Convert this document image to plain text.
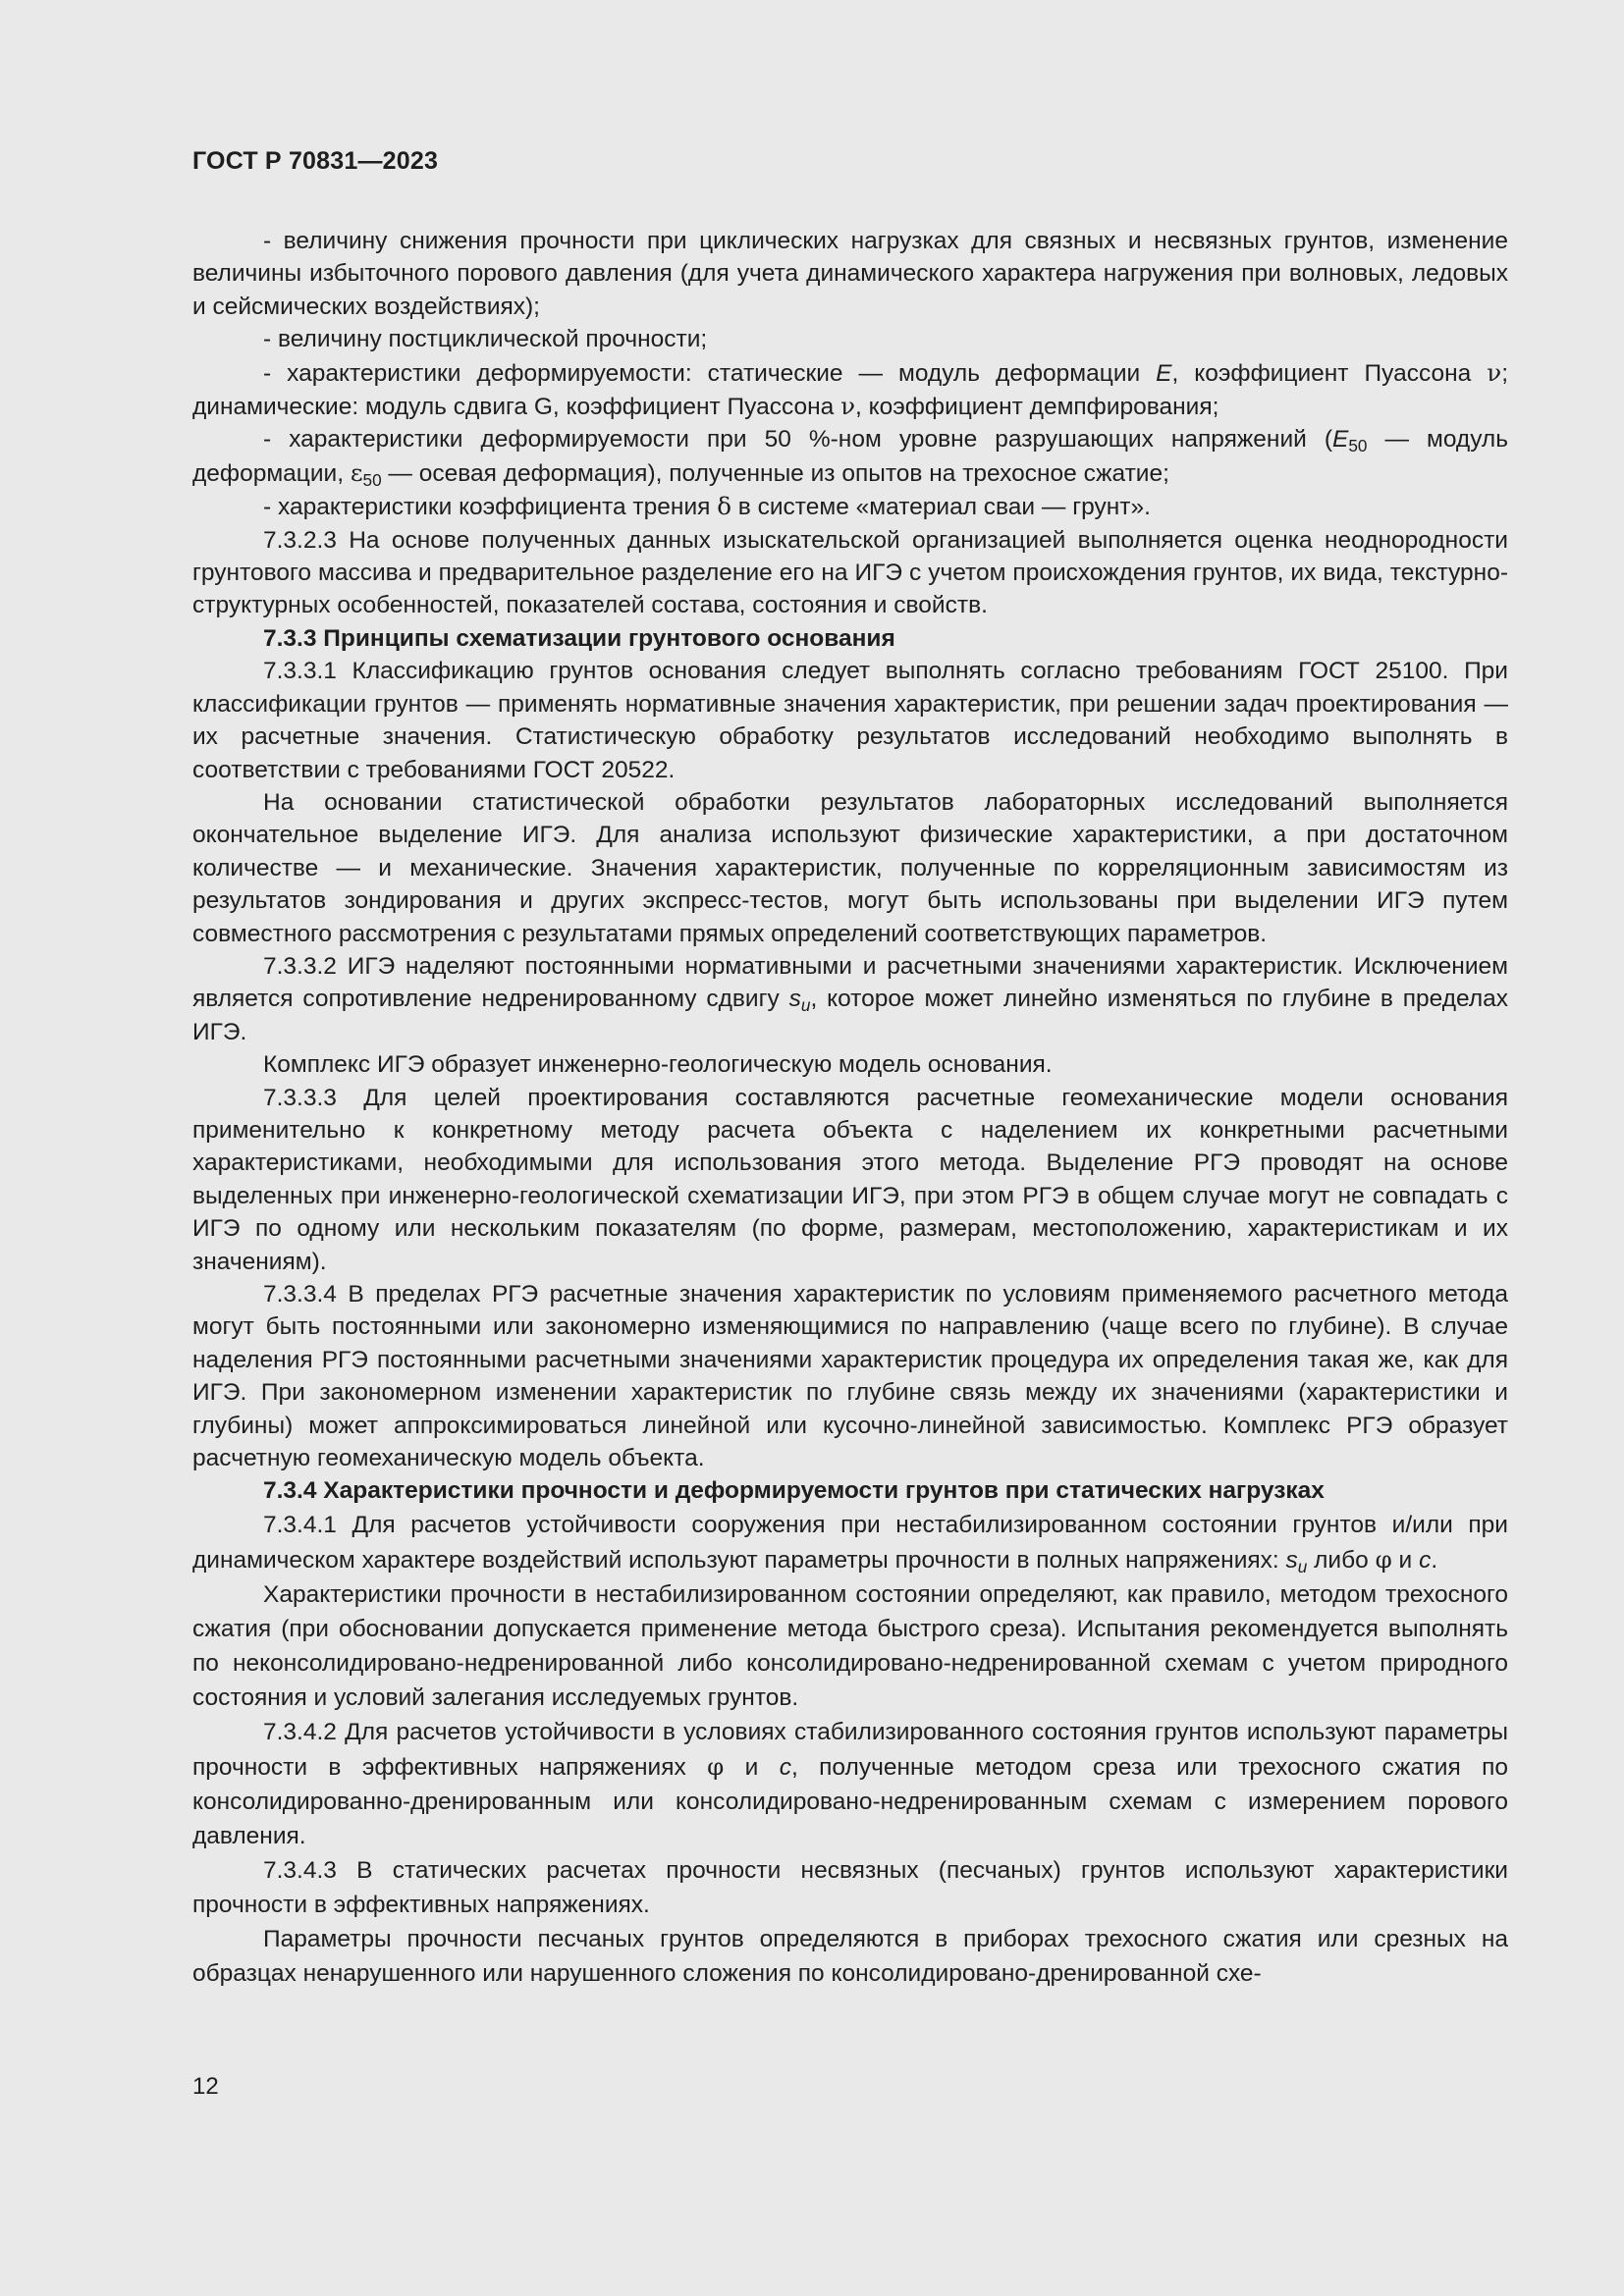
ГОСТ Р 70831—2023

- величину снижения прочности при циклических нагрузках для связных и несвязных грунтов, изменение величины избыточного порового давления (для учета динамического характера нагружения при волновых, ледовых и сейсмических воздействиях);

- величину постциклической прочности;

- характеристики деформируемости: статические — модуль деформации E, коэффициент Пуассона ν; динамические: модуль сдвига G, коэффициент Пуассона ν, коэффициент демпфирования;

- характеристики деформируемости при 50 %-ном уровне разрушающих напряжений ($E_{50}$ — модуль деформации, $\varepsilon_{50}$ — осевая деформация), полученные из опытов на трехосное сжатие;

- характеристики коэффициента трения δ в системе «материал сваи — грунт».

7.3.2.3 На основе полученных данных изыскательской организацией выполняется оценка неоднородности грунтового массива и предварительное разделение его на ИГЭ с учетом происхождения грунтов, их вида, текстурно-структурных особенностей, показателей состава, состояния и свойств.

7.3.3 Принципы схематизации грунтового основания

7.3.3.1 Классификацию грунтов основания следует выполнять согласно требованиям ГОСТ 25100. При классификации грунтов — применять нормативные значения характеристик, при решении задач проектирования — их расчетные значения. Статистическую обработку результатов исследований необходимо выполнять в соответствии с требованиями ГОСТ 20522.

На основании статистической обработки результатов лабораторных исследований выполняется окончательное выделение ИГЭ. Для анализа используют физические характеристики, а при достаточном количестве — и механические. Значения характеристик, полученные по корреляционным зависимостям из результатов зондирования и других экспресс-тестов, могут быть использованы при выделении ИГЭ путем совместного рассмотрения с результатами прямых определений соответствующих параметров.

7.3.3.2 ИГЭ наделяют постоянными нормативными и расчетными значениями характеристик. Исключением является сопротивление недренированному сдвигу $s_u$, которое может линейно изменяться по глубине в пределах ИГЭ.

Комплекс ИГЭ образует инженерно-геологическую модель основания.

7.3.3.3 Для целей проектирования составляются расчетные геомеханические модели основания применительно к конкретному методу расчета объекта с наделением их конкретными расчетными характеристиками, необходимыми для использования этого метода. Выделение РГЭ проводят на основе выделенных при инженерно-геологической схематизации ИГЭ, при этом РГЭ в общем случае могут не совпадать с ИГЭ по одному или нескольким показателям (по форме, размерам, местоположению, характеристикам и их значениям).

7.3.3.4 В пределах РГЭ расчетные значения характеристик по условиям применяемого расчетного метода могут быть постоянными или закономерно изменяющимися по направлению (чаще всего по глубине). В случае наделения РГЭ постоянными расчетными значениями характеристик процедура их определения такая же, как для ИГЭ. При закономерном изменении характеристик по глубине связь между их значениями (характеристики и глубины) может аппроксимироваться линейной или кусочно-линейной зависимостью. Комплекс РГЭ образует расчетную геомеханическую модель объекта.

7.3.4 Характеристики прочности и деформируемости грунтов при статических нагрузках

7.3.4.1 Для расчетов устойчивости сооружения при нестабилизированном состоянии грунтов и/или при динамическом характере воздействий используют параметры прочности в полных напряжениях: $s_u$ либо φ и c.

Характеристики прочности в нестабилизированном состоянии определяют, как правило, методом трехосного сжатия (при обосновании допускается применение метода быстрого среза). Испытания рекомендуется выполнять по неконсолидировано-недренированной либо консолидировано-недренированной схемам с учетом природного состояния и условий залегания исследуемых грунтов.

7.3.4.2 Для расчетов устойчивости в условиях стабилизированного состояния грунтов используют параметры прочности в эффективных напряжениях φ и c, полученные методом среза или трехосного сжатия по консолидированно-дренированным или консолидировано-недренированным схемам с измерением порового давления.

7.3.4.3 В статических расчетах прочности несвязных (песчаных) грунтов используют характеристики прочности в эффективных напряжениях.

Параметры прочности песчаных грунтов определяются в приборах трехосного сжатия или срезных на образцах ненарушенного или нарушенного сложения по консолидировано-дренированной схе-

12
